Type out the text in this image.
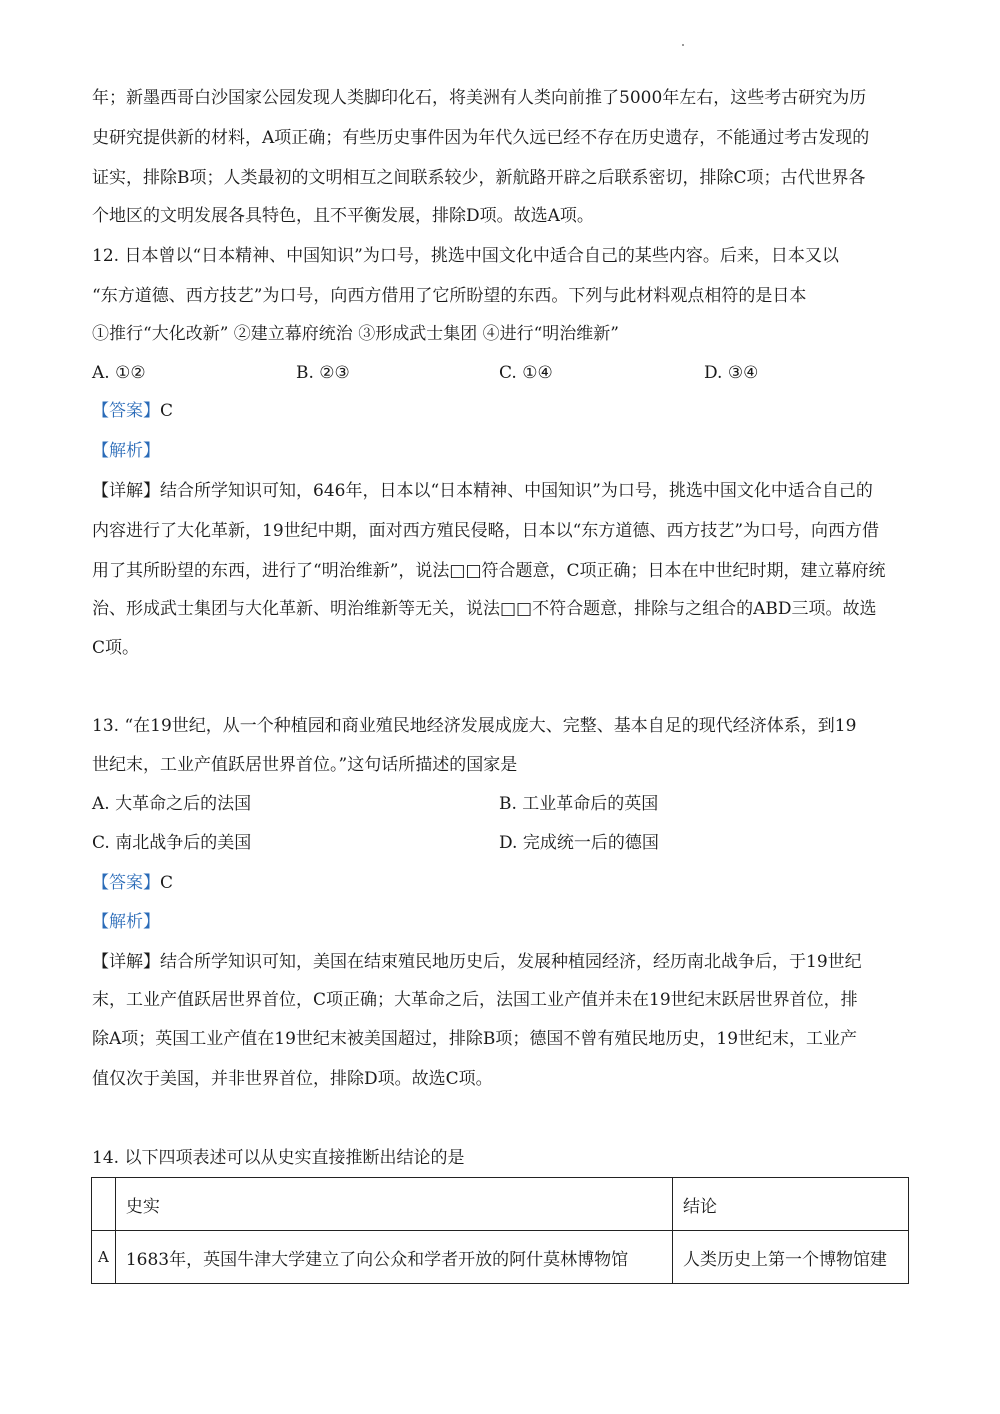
年；新墨西哥白沙国家公园发现人类脚印化石，将美洲有人类向前推了5000年左右，这些考古研究为历
史研究提供新的材料，A项正确；有些历史事件因为年代久远已经不存在历史遗存，不能通过考古发现的
证实，排除B项；人类最初的文明相互之间联系较少，新航路开辟之后联系密切，排除C项；古代世界各
个地区的文明发展各具特色，且不平衡发展，排除D项。故选A项。
12. 日本曾以“日本精神、中国知识”为口号，挑选中国文化中适合自己的某些内容。后来，日本又以
“东方道德、西方技艺”为口号，向西方借用了它所盼望的东西。下列与此材料观点相符的是日本
①推行“大化改新” ②建立幕府统治 ③形成武士集团 ④进行“明治维新”
A. ①②	B. ②③	C. ①④	D. ③④
【答案】C
【解析】
【详解】结合所学知识可知，646年，日本以“日本精神、中国知识”为口号，挑选中国文化中适合自己的
内容进行了大化革新，19世纪中期，面对西方殖民侵略，日本以“东方道德、西方技艺”为口号，向西方借
用了其所盼望的东西，进行了“明治维新”，说法□□符合题意，C项正确；日本在中世纪时期，建立幕府统
治、形成武士集团与大化革新、明治维新等无关，说法□□不符合题意，排除与之组合的ABD三项。故选
C项。
13. “在19世纪，从一个种植园和商业殖民地经济发展成庞大、完整、基本自足的现代经济体系，到19
世纪末，工业产值跃居世界首位。”这句话所描述的国家是
A. 大革命之后的法国	B. 工业革命后的英国
C. 南北战争后的美国	D. 完成统一后的德国
【答案】C
【解析】
【详解】结合所学知识可知，美国在结束殖民地历史后，发展种植园经济，经历南北战争后，于19世纪
末，工业产值跃居世界首位，C项正确；大革命之后，法国工业产值并未在19世纪末跃居世界首位，排
除A项；英国工业产值在19世纪末被美国超过，排除B项；德国不曾有殖民地历史，19世纪末，工业产
值仅次于美国，并非世界首位，排除D项。故选C项。
14. 以下四项表述可以从史实直接推断出结论的是
	史实	结论
A	1683年，英国牛津大学建立了向公众和学者开放的阿什莫林博物馆	人类历史上第一个博物馆建
